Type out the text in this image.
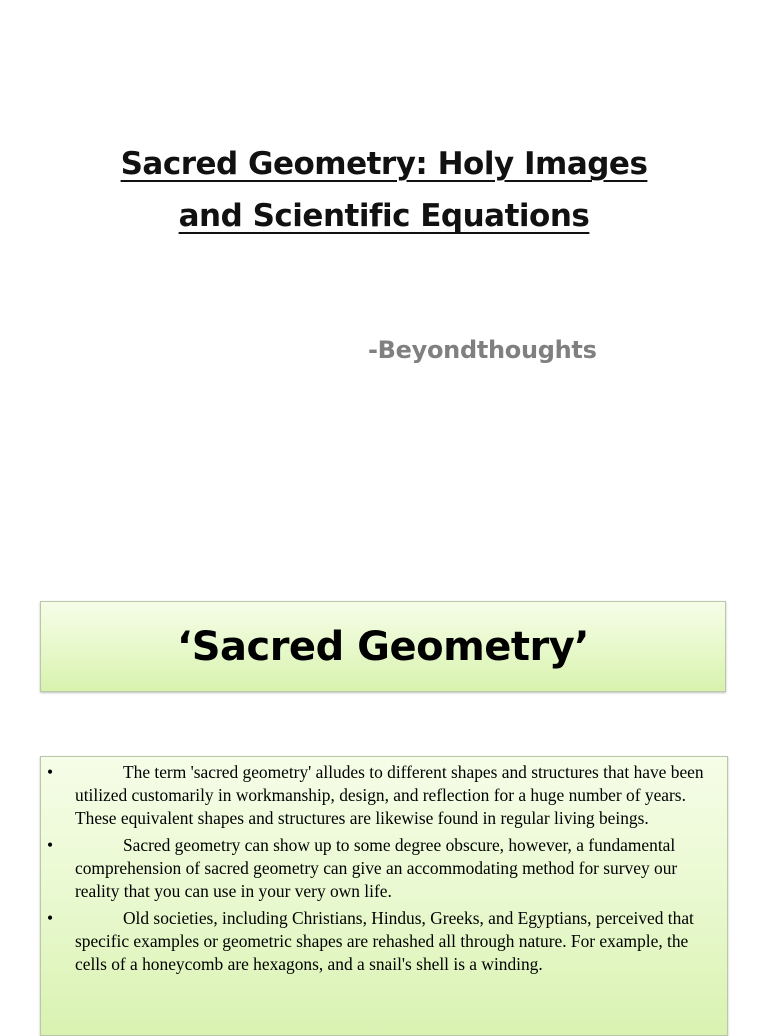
Sacred Geometry: Holy Images
and Scientific Equations
-Beyondthoughts
‘Sacred Geometry’
•	The term 'sacred geometry' alludes to different shapes and structures that have been utilized customarily in workmanship, design, and reflection for a huge number of years. These equivalent shapes and structures are likewise found in regular living beings.
•	Sacred geometry can show up to some degree obscure, however, a fundamental comprehension of sacred geometry can give an accommodating method for survey our reality that you can use in your very own life.
•	Old societies, including Christians, Hindus, Greeks, and Egyptians, perceived that specific examples or geometric shapes are rehashed all through nature. For example, the cells of a honeycomb are hexagons, and a snail's shell is a winding.
